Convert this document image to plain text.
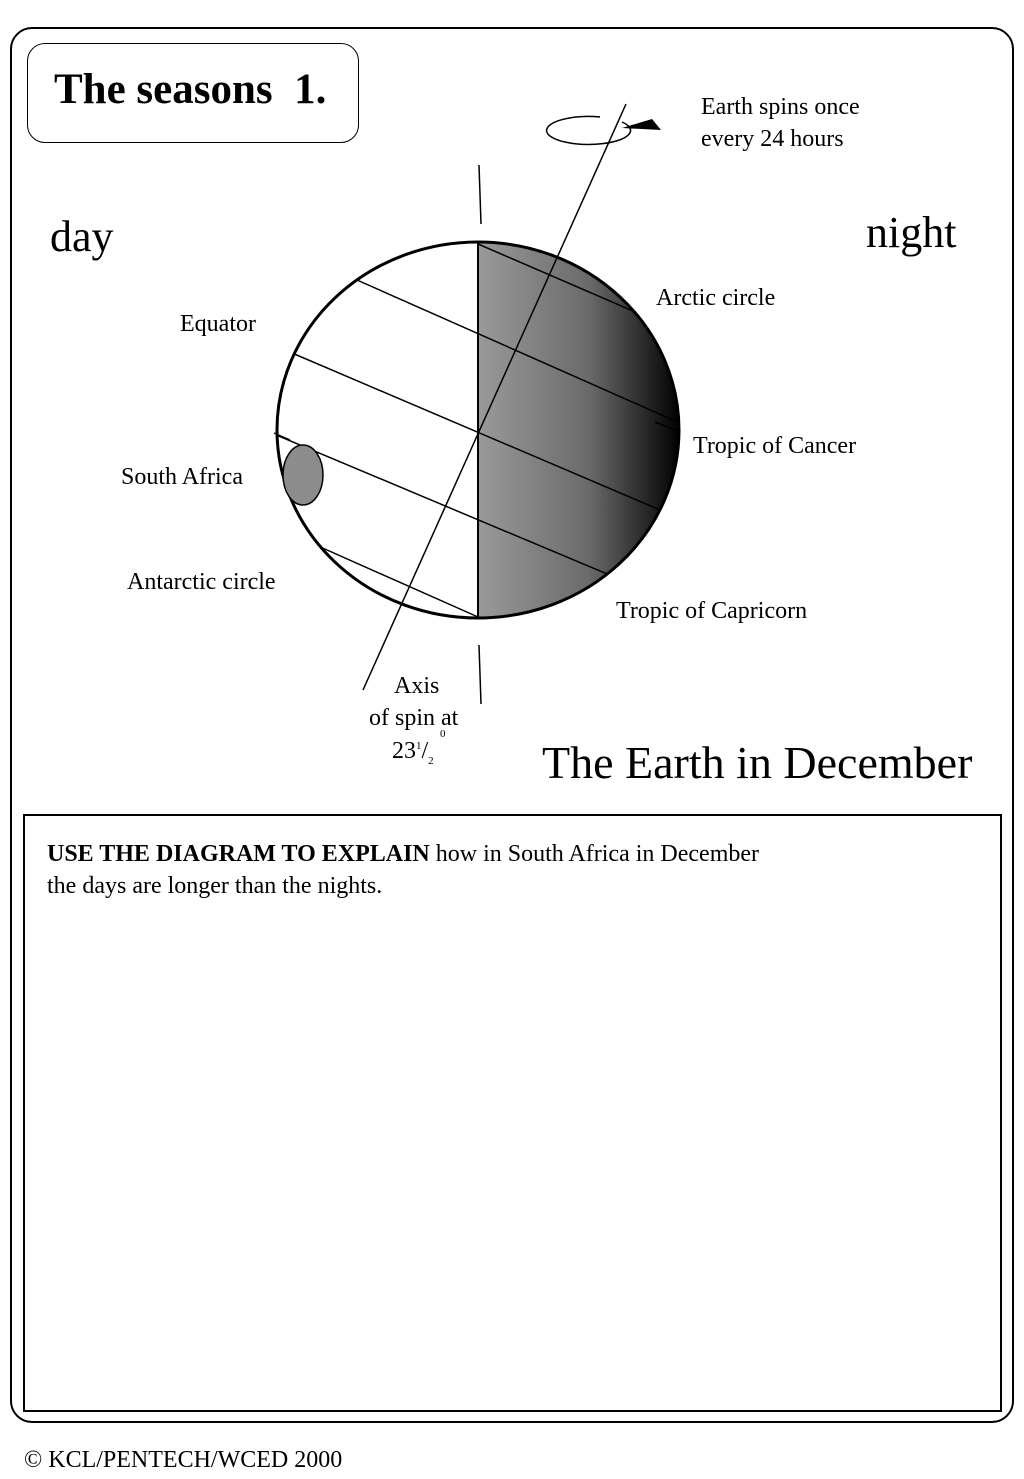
The seasons  1.	Earth spins once
every 24 hours
day	night
Arctic circle
Equator
Tropic of Cancer
South Africa
Antarctic circle
Tropic of Capricorn
Axis
of spin at
$23^1/_2$
0
The Earth in December
USE THE DIAGRAM TO EXPLAIN how in South Africa in December
the days are longer than the nights.
© KCL/PENTECH/WCED 2000
